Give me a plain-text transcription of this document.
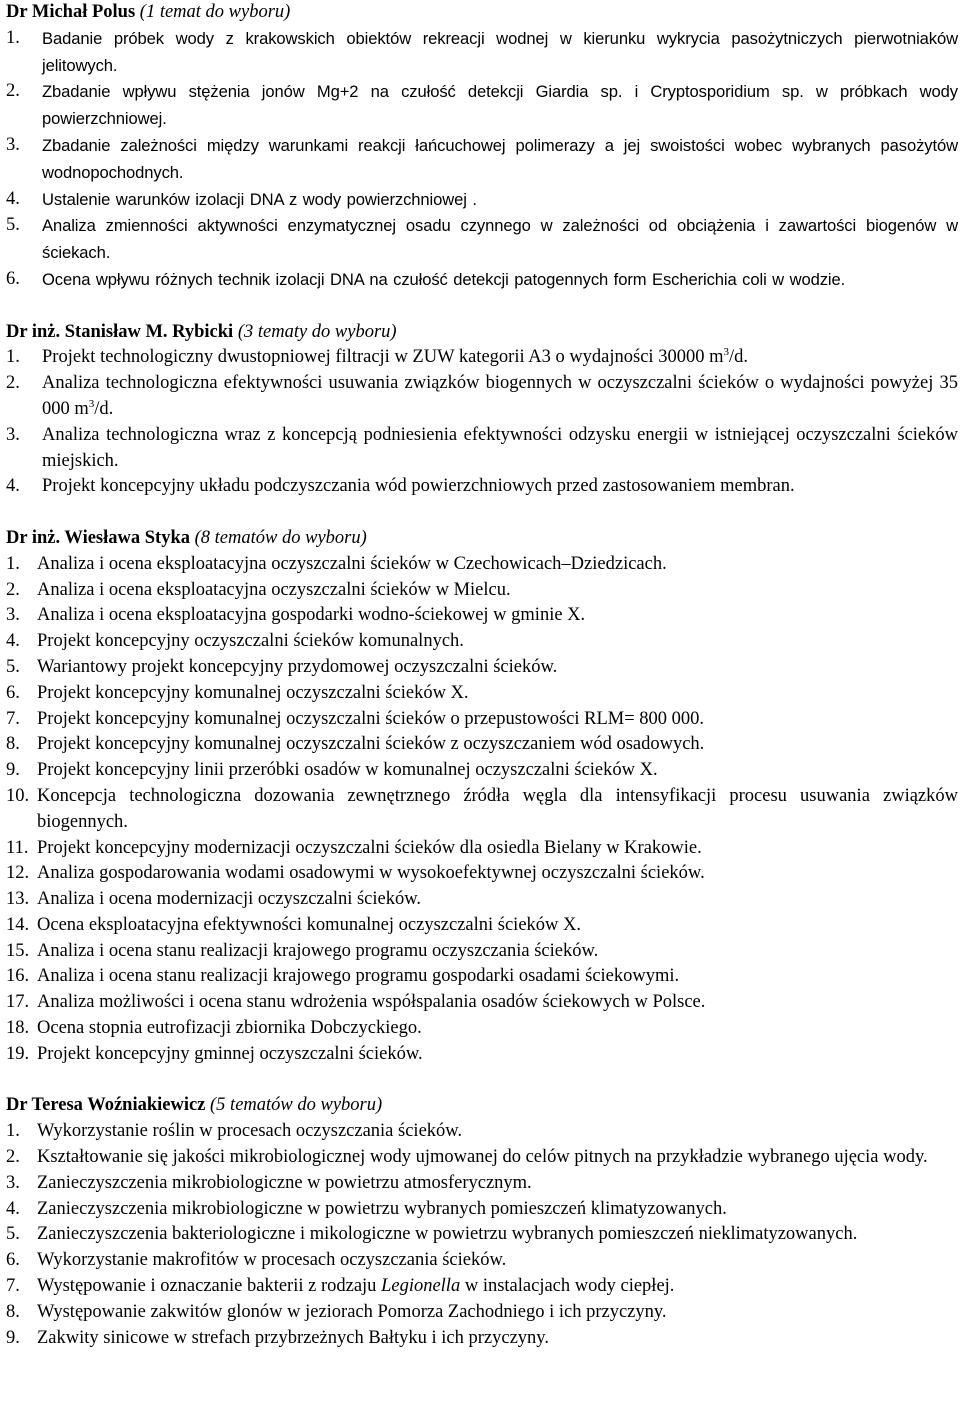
Dr Michał Polus (1 temat do wyboru)

1. Badanie próbek wody z krakowskich obiektów rekreacji wodnej w kierunku wykrycia pasożytniczych pierwotniaków jelitowych.
2. Zbadanie wpływu stężenia jonów Mg+2 na czułość detekcji Giardia sp. i Cryptosporidium sp. w próbkach wody powierzchniowej.
3. Zbadanie zależności między warunkami reakcji łańcuchowej polimerazy a jej swoistości wobec wybranych pasożytów wodnopochodnych.
4. Ustalenie warunków izolacji DNA z wody powierzchniowej .
5. Analiza zmienności aktywności enzymatycznej osadu czynnego w zależności od obciążenia i zawartości biogenów w ściekach.
6. Ocena wpływu różnych technik izolacji DNA na czułość detekcji patogennych form Escherichia coli w wodzie.

Dr inż. Stanisław M. Rybicki (3 tematy do wyboru)

1. Projekt technologiczny dwustopniowej filtracji w ZUW kategorii A3 o wydajności 30000 $m^3/d$.
2. Analiza technologiczna efektywności usuwania związków biogennych w oczyszczalni ścieków o wydajności powyżej 35 000 $m^3/d$.
3. Analiza technologiczna wraz z koncepcją podniesienia efektywności odzysku energii w istniejącej oczyszczalni ścieków miejskich.
4. Projekt koncepcyjny układu podczyszczania wód powierzchniowych przed zastosowaniem membran.

Dr inż. Wiesława Styka (8 tematów do wyboru)

1. Analiza i ocena eksploatacyjna oczyszczalni ścieków w Czechowicach–Dziedzicach.
2. Analiza i ocena eksploatacyjna oczyszczalni ścieków w Mielcu.
3. Analiza i ocena eksploatacyjna gospodarki wodno-ściekowej w gminie X.
4. Projekt koncepcyjny oczyszczalni ścieków komunalnych.
5. Wariantowy projekt koncepcyjny przydomowej oczyszczalni ścieków.
6. Projekt koncepcyjny komunalnej oczyszczalni ścieków X.
7. Projekt koncepcyjny komunalnej oczyszczalni ścieków o przepustowości RLM= 800 000.
8. Projekt koncepcyjny komunalnej oczyszczalni ścieków z oczyszczaniem wód osadowych.
9. Projekt koncepcyjny linii przeróbki osadów w komunalnej oczyszczalni ścieków X.
10. Koncepcja technologiczna dozowania zewnętrznego źródła węgla dla intensyfikacji procesu usuwania związków biogennych.
11. Projekt koncepcyjny modernizacji oczyszczalni ścieków dla osiedla Bielany w Krakowie.
12. Analiza gospodarowania wodami osadowymi w wysokoefektywnej oczyszczalni ścieków.
13. Analiza i ocena modernizacji oczyszczalni ścieków.
14. Ocena eksploatacyjna efektywności komunalnej oczyszczalni ścieków X.
15. Analiza i ocena stanu realizacji krajowego programu oczyszczania ścieków.
16. Analiza i ocena stanu realizacji krajowego programu gospodarki osadami ściekowymi.
17. Analiza możliwości i ocena stanu wdrożenia współspalania osadów ściekowych w Polsce.
18. Ocena stopnia eutrofizacji zbiornika Dobczyckiego.
19. Projekt koncepcyjny gminnej oczyszczalni ścieków.

Dr Teresa Woźniakiewicz (5 tematów do wyboru)

1. Wykorzystanie roślin w procesach oczyszczania ścieków.
2. Kształtowanie się jakości mikrobiologicznej wody ujmowanej do celów pitnych na przykładzie wybranego ujęcia wody.
3. Zanieczyszczenia mikrobiologiczne w powietrzu atmosferycznym.
4. Zanieczyszczenia mikrobiologiczne w powietrzu wybranych pomieszczeń klimatyzowanych.
5. Zanieczyszczenia bakteriologiczne i mikologiczne w powietrzu wybranych pomieszczeń nieklimatyzowanych.
6. Wykorzystanie makrofitów w procesach oczyszczania ścieków.
7. Występowanie i oznaczanie bakterii z rodzaju Legionella w instalacjach wody ciepłej.
8. Występowanie zakwitów glonów w jeziorach Pomorza Zachodniego i ich przyczyny.
9. Zakwity sinicowe w strefach przybrzeżnych Bałtyku i ich przyczyny.
